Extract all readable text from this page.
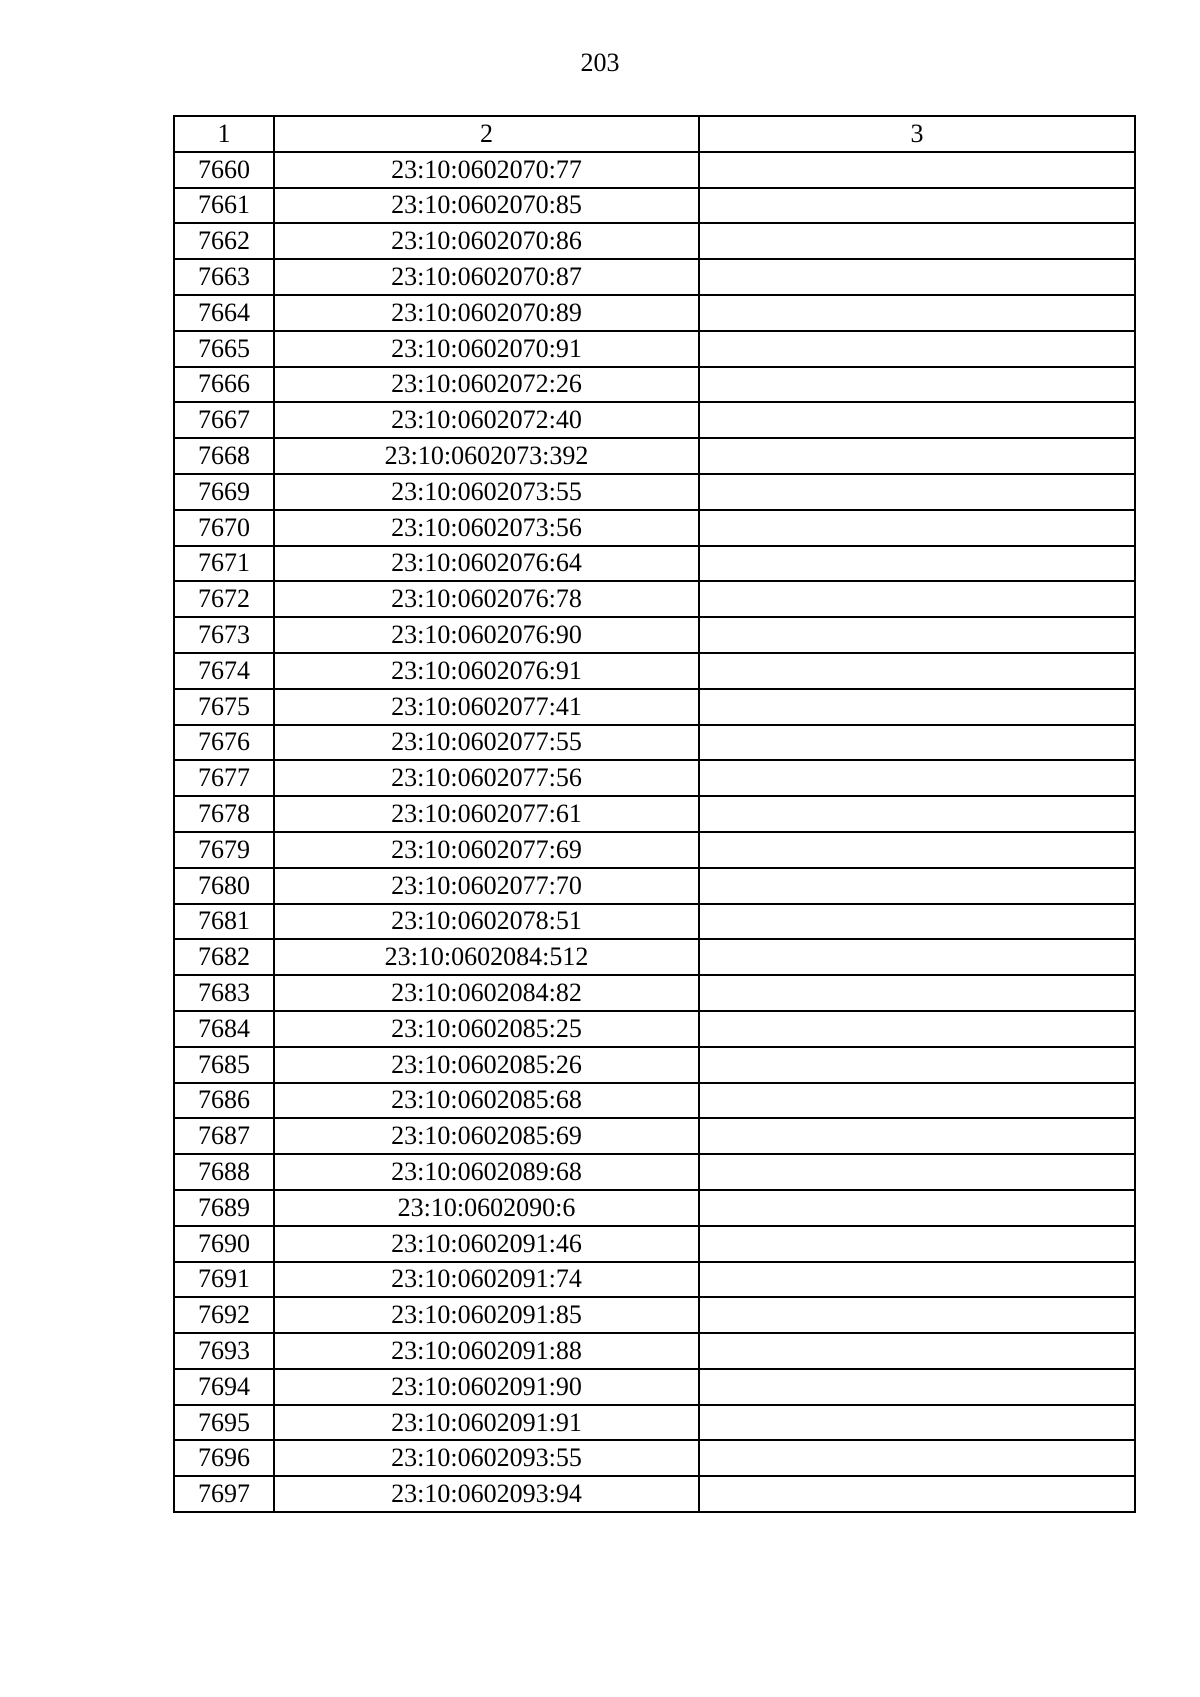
203
1	2	3
7660	23:10:0602070:77	
7661	23:10:0602070:85	
7662	23:10:0602070:86	
7663	23:10:0602070:87	
7664	23:10:0602070:89	
7665	23:10:0602070:91	
7666	23:10:0602072:26	
7667	23:10:0602072:40	
7668	23:10:0602073:392	
7669	23:10:0602073:55	
7670	23:10:0602073:56	
7671	23:10:0602076:64	
7672	23:10:0602076:78	
7673	23:10:0602076:90	
7674	23:10:0602076:91	
7675	23:10:0602077:41	
7676	23:10:0602077:55	
7677	23:10:0602077:56	
7678	23:10:0602077:61	
7679	23:10:0602077:69	
7680	23:10:0602077:70	
7681	23:10:0602078:51	
7682	23:10:0602084:512	
7683	23:10:0602084:82	
7684	23:10:0602085:25	
7685	23:10:0602085:26	
7686	23:10:0602085:68	
7687	23:10:0602085:69	
7688	23:10:0602089:68	
7689	23:10:0602090:6	
7690	23:10:0602091:46	
7691	23:10:0602091:74	
7692	23:10:0602091:85	
7693	23:10:0602091:88	
7694	23:10:0602091:90	
7695	23:10:0602091:91	
7696	23:10:0602093:55	
7697	23:10:0602093:94	
